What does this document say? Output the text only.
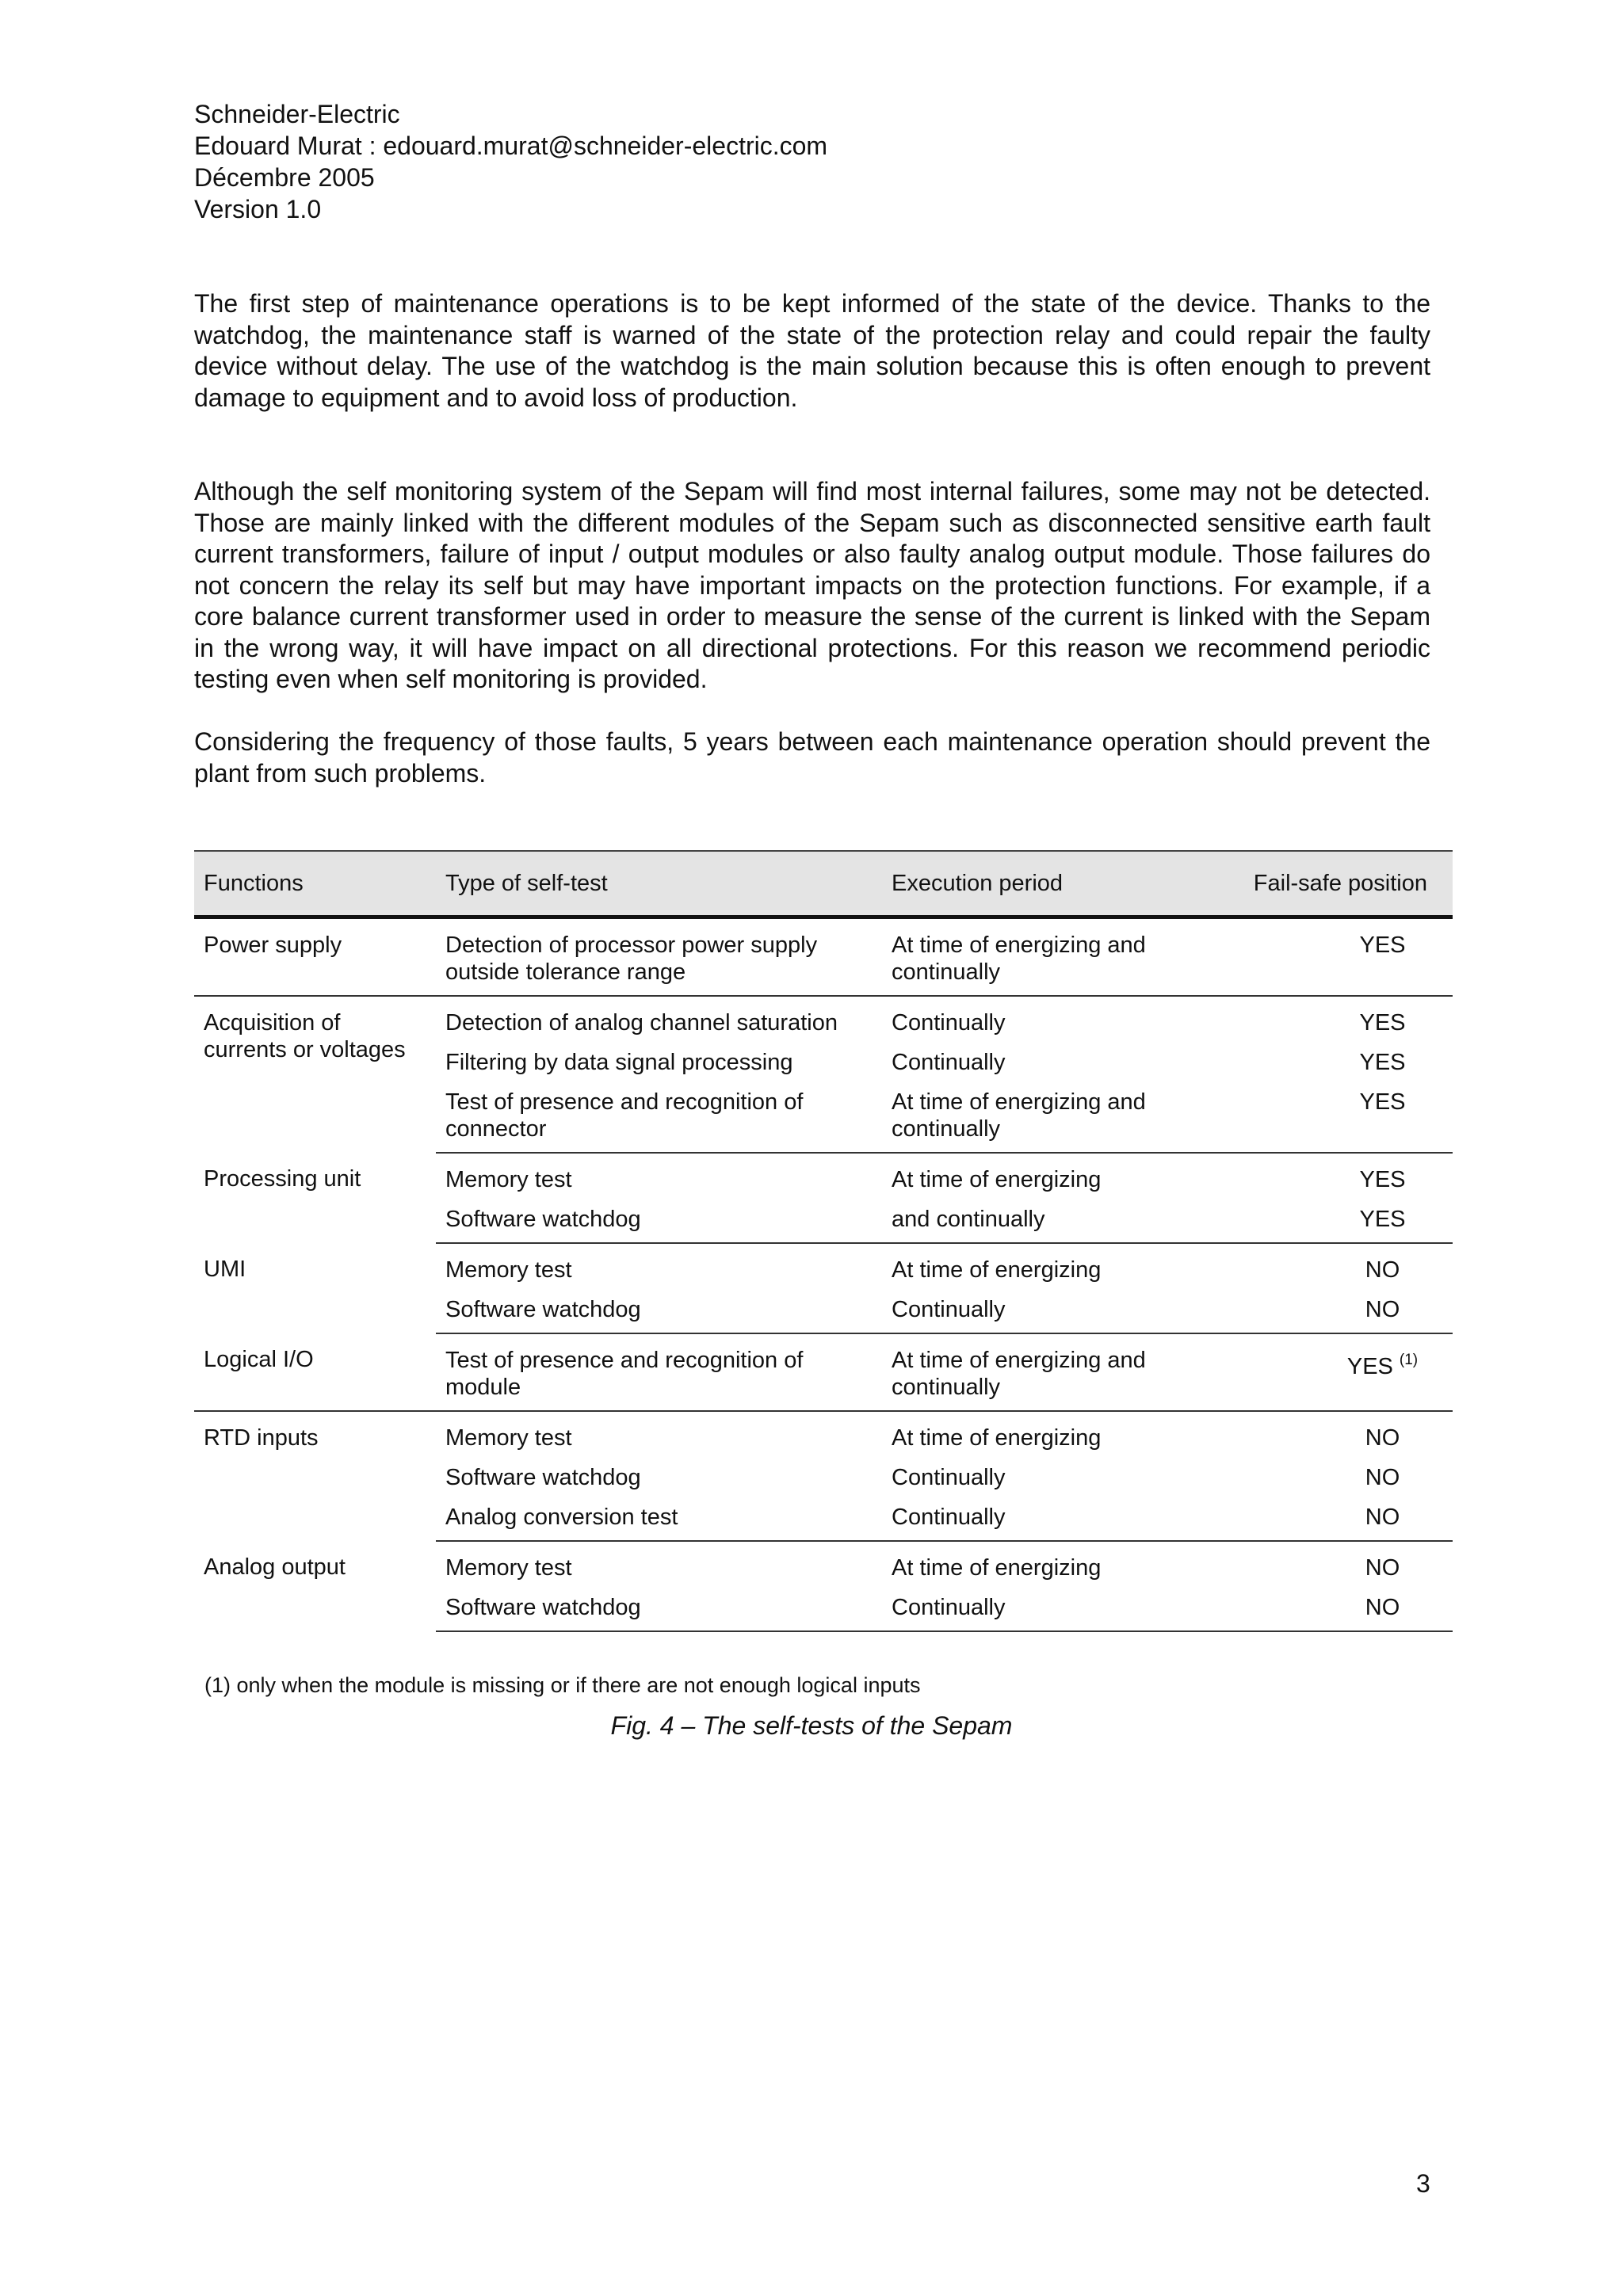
Schneider-Electric
Edouard Murat : edouard.murat@schneider-electric.com
Décembre 2005
Version 1.0

The first step of maintenance operations is to be kept informed of the state of the device. Thanks to the watchdog, the maintenance staff is warned of the state of the protection relay and could repair the faulty device without delay. The use of the watchdog is the main solution because this is often enough to prevent damage to equipment and to avoid loss of production.

Although the self monitoring system of the Sepam will find most internal failures, some may not be detected. Those are mainly linked with the different modules of the Sepam such as disconnected sensitive earth fault current transformers, failure of input / output modules or also faulty analog output module. Those failures do not concern the relay its self but may have important impacts on the protection functions. For example, if a core balance current transformer used in order to measure the sense of the current is linked with the Sepam in the wrong way, it will have impact on all directional protections. For this reason we recommend periodic testing even when self monitoring is provided.

Considering the frequency of those faults, 5 years between each maintenance operation should prevent the plant from such problems.

Functions	Type of self-test	Execution period	Fail-safe position
Power supply	Detection of processor power supply outside tolerance range	At time of energizing and continually	YES
Acquisition of currents or voltages	Detection of analog channel saturation	Continually	YES
	Filtering by data signal processing	Continually	YES
	Test of presence and recognition of connector	At time of energizing and continually	YES
Processing unit	Memory test	At time of energizing	YES
	Software watchdog	and continually	YES
UMI	Memory test	At time of energizing	NO
	Software watchdog	Continually	NO
Logical I/O	Test of presence and recognition of module	At time of energizing and continually	YES $^{(1)}$
RTD inputs	Memory test	At time of energizing	NO
	Software watchdog	Continually	NO
	Analog conversion test	Continually	NO
Analog output	Memory test	At time of energizing	NO
	Software watchdog	Continually	NO
(1) only when the module is missing or if there are not enough logical inputs
Fig. 4 – The self-tests of the Sepam
3
